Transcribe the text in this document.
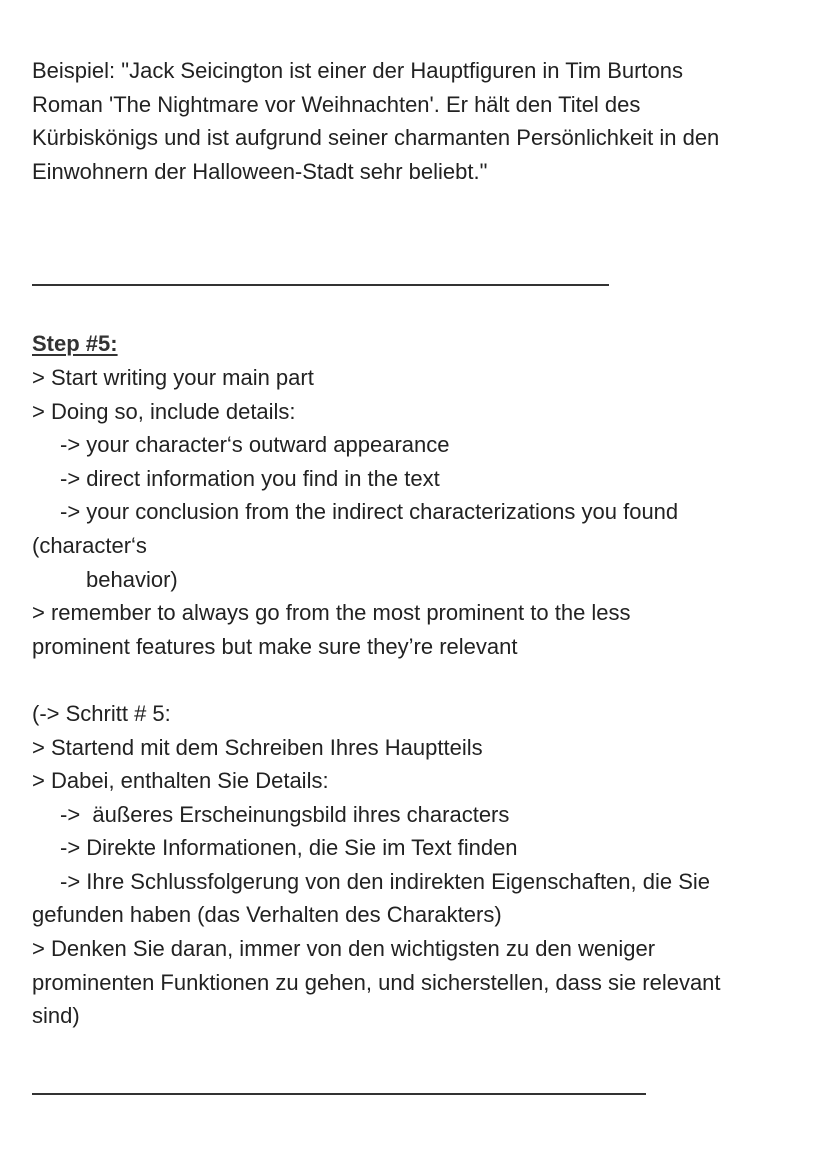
Beispiel: "Jack Seicington ist einer der Hauptfiguren in Tim Burtons

Roman 'The Nightmare vor Weihnachten'. Er hält den Titel des

Kürbiskönigs und ist aufgrund seiner charmanten Persönlichkeit in den

Einwohnern der Halloween-Stadt sehr beliebt."

Step #5:

> Start writing your main part

> Doing so, include details:

-> your character‘s outward appearance

-> direct information you find in the text

-> your conclusion from the indirect characterizations you found

(character‘s

behavior)

> remember to always go from the most prominent to the less

prominent features but make sure they’re relevant

(-> Schritt # 5:

> Startend mit dem Schreiben Ihres Hauptteils

> Dabei, enthalten Sie Details:

->  äußeres Erscheinungsbild ihres characters

-> Direkte Informationen, die Sie im Text finden

-> Ihre Schlussfolgerung von den indirekten Eigenschaften, die Sie

gefunden haben (das Verhalten des Charakters)

> Denken Sie daran, immer von den wichtigsten zu den weniger

prominenten Funktionen zu gehen, und sicherstellen, dass sie relevant

sind)
